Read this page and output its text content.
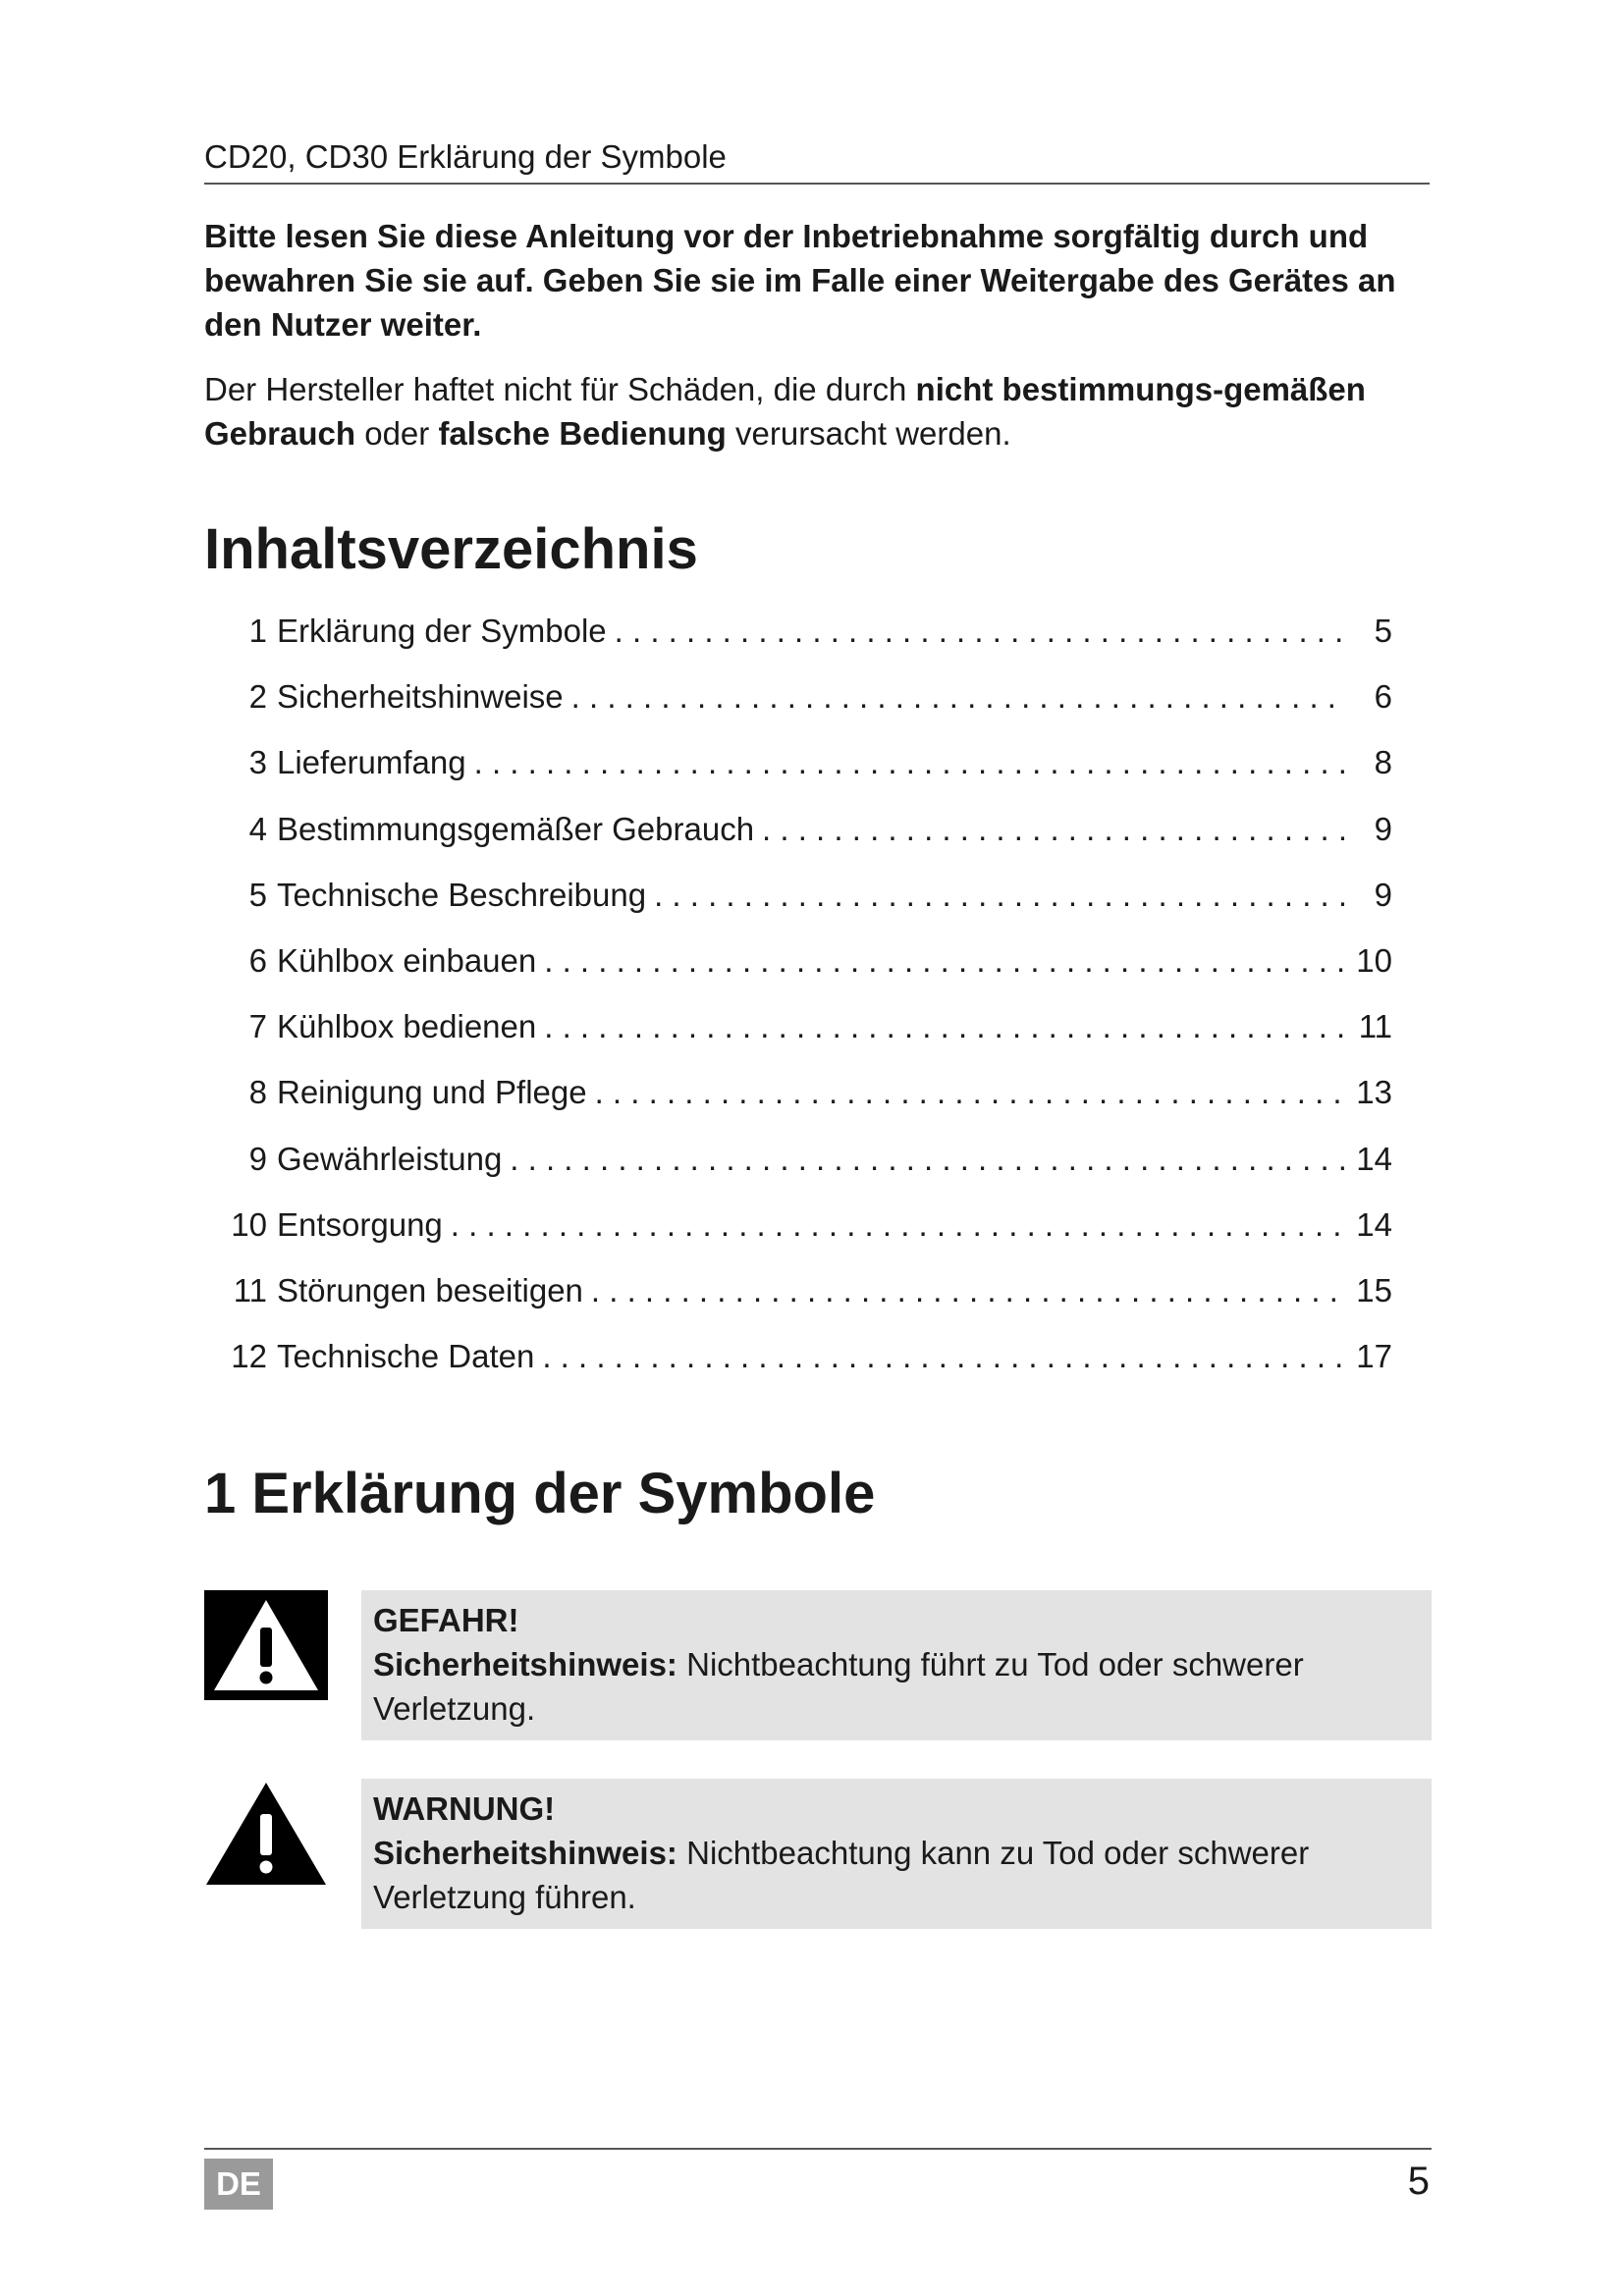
CD20, CD30 Erklärung der Symbole

Bitte lesen Sie diese Anleitung vor der Inbetriebnahme sorgfältig durch und bewahren Sie sie auf. Geben Sie sie im Falle einer Weitergabe des Gerätes an den Nutzer weiter.

Der Hersteller haftet nicht für Schäden, die durch nicht bestimmungs-gemäßen Gebrauch oder falsche Bedienung verursacht werden.

Inhaltsverzeichnis
1 Erklärung der Symbole . . .	5
2 Sicherheitshinweise . . .	6
3 Lieferumfang . . .	8
4 Bestimmungsgemäßer Gebrauch . . .	9
5 Technische Beschreibung . . .	9
6 Kühlbox einbauen . . .	10
7 Kühlbox bedienen . . .	11
8 Reinigung und Pflege . . .	13
9 Gewährleistung . . .	14
10 Entsorgung . . .	14
11 Störungen beseitigen . . .	15
12 Technische Daten . . .	17
1 Erklärung der Symbole
GEFAHR!
Sicherheitshinweis: Nichtbeachtung führt zu Tod oder schwerer Verletzung.
WARNUNG!
Sicherheitshinweis: Nichtbeachtung kann zu Tod oder schwerer Verletzung führen.
DE	5
